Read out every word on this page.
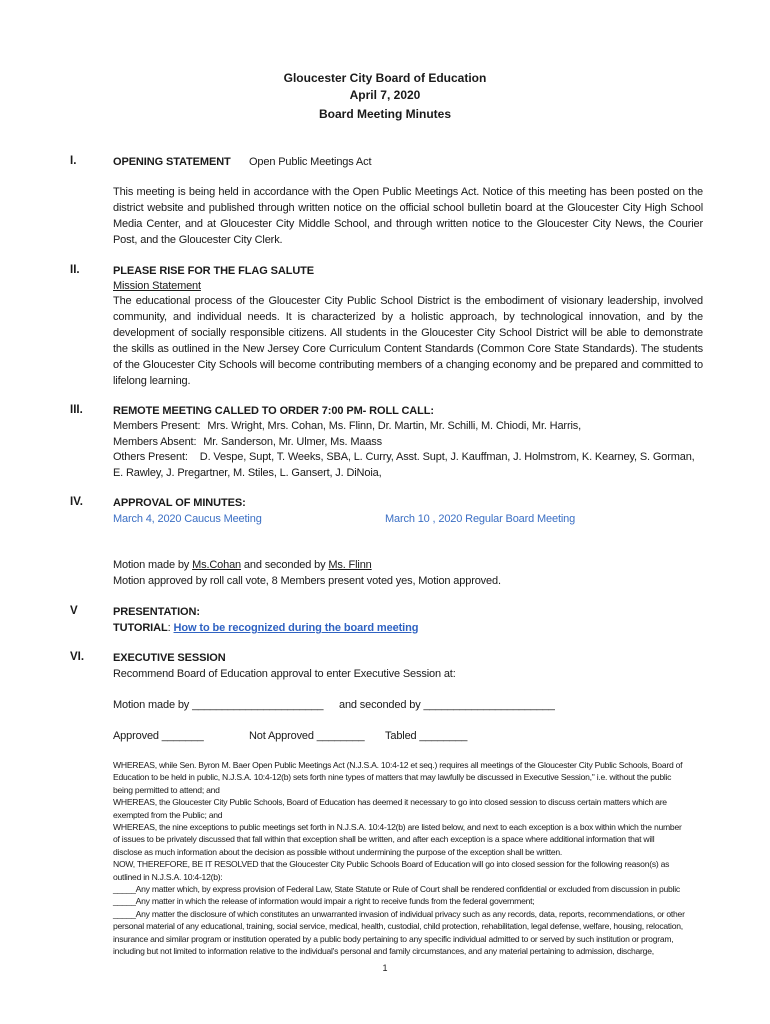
Gloucester City Board of Education
April 7, 2020
Board Meeting Minutes
I.	OPENING STATEMENT Open Public Meetings Act

This meeting is being held in accordance with the Open Public Meetings Act. Notice of this meeting has been posted on the district website and published through written notice on the official school bulletin board at the Gloucester City High School Media Center, and at Gloucester City Middle School, and through written notice to the Gloucester City News, the Courier Post, and the Gloucester City Clerk.

II.	PLEASE RISE FOR THE FLAG SALUTE
Mission Statement

The educational process of the Gloucester City Public School District is the embodiment of visionary leadership, involved community, and individual needs. It is characterized by a holistic approach, by technological innovation, and by the development of socially responsible citizens. All students in the Gloucester City School District will be able to demonstrate the skills as outlined in the New Jersey Core Curriculum Content Standards (Common Core State Standards). The students of the Gloucester City Schools will become contributing members of a changing economy and be prepared and committed to lifelong learning.

III.	REMOTE MEETING CALLED TO ORDER 7:00 PM- ROLL CALL:
Members Present: Mrs. Wright, Mrs. Cohan, Ms. Flinn, Dr. Martin, Mr. Schilli, M. Chiodi, Mr. Harris,
Members Absent: Mr. Sanderson, Mr. Ulmer, Ms. Maass

Others Present: D. Vespe, Supt, T. Weeks, SBA, L. Curry, Asst. Supt, J. Kauffman, J. Holmstrom, K. Kearney, S. Gorman, E. Rawley, J. Pregartner, M. Stiles, L. Gansert, J. DiNoia,

IV.	APPROVAL OF MINUTES:
March 4, 2020 Caucus Meeting	March 10 , 2020 Regular Board Meeting
Motion made by Ms.Cohan and seconded by Ms. Flinn
Motion approved by roll call vote, 8 Members present voted yes, Motion approved.
V	PRESENTATION:
TUTORIAL: How to be recognized during the board meeting
VI.	EXECUTIVE SESSION
Recommend Board of Education approval to enter Executive Session at:
Motion made by ______________________ and seconded by ______________________
Approved _______	Not Approved ________ Tabled ________
WHEREAS, while Sen. Byron M. Baer Open Public Meetings Act (N.J.S.A. 10:4-12 et seq.) requires all meetings of the Gloucester City Public Schools, Board of
Education to be held in public, N.J.S.A. 10:4-12(b) sets forth nine types of matters that may lawfully be discussed in Executive Session," i.e. without the public
being permitted to attend; and
WHEREAS, the Gloucester City Public Schools, Board of Education has deemed it necessary to go into closed session to discuss certain matters which are
exempted from the Public; and
WHEREAS, the nine exceptions to public meetings set forth in N.J.S.A. 10:4-12(b) are listed below, and next to each exception is a box within which the number
of issues to be privately discussed that fall within that exception shall be written, and after each exception is a space where additional information that will
disclose as much information about the decision as possible without undermining the purpose of the exception shall be written.
NOW, THEREFORE, BE IT RESOLVED that the Gloucester City Public Schools Board of Education will go into closed session for the following reason(s) as
outlined in N.J.S.A. 10:4-12(b):
_____Any matter which, by express provision of Federal Law, State Statute or Rule of Court shall be rendered confidential or excluded from discussion in public
_____Any matter in which the release of information would impair a right to receive funds from the federal government;
_____Any matter the disclosure of which constitutes an unwarranted invasion of individual privacy such as any records, data, reports, recommendations, or other
personal material of any educational, training, social service, medical, health, custodial, child protection, rehabilitation, legal defense, welfare, housing, relocation,
insurance and similar program or institution operated by a public body pertaining to any specific individual admitted to or served by such institution or program,
including but not limited to information relative to the individual's personal and family circumstances, and any material pertaining to admission, discharge,
1
